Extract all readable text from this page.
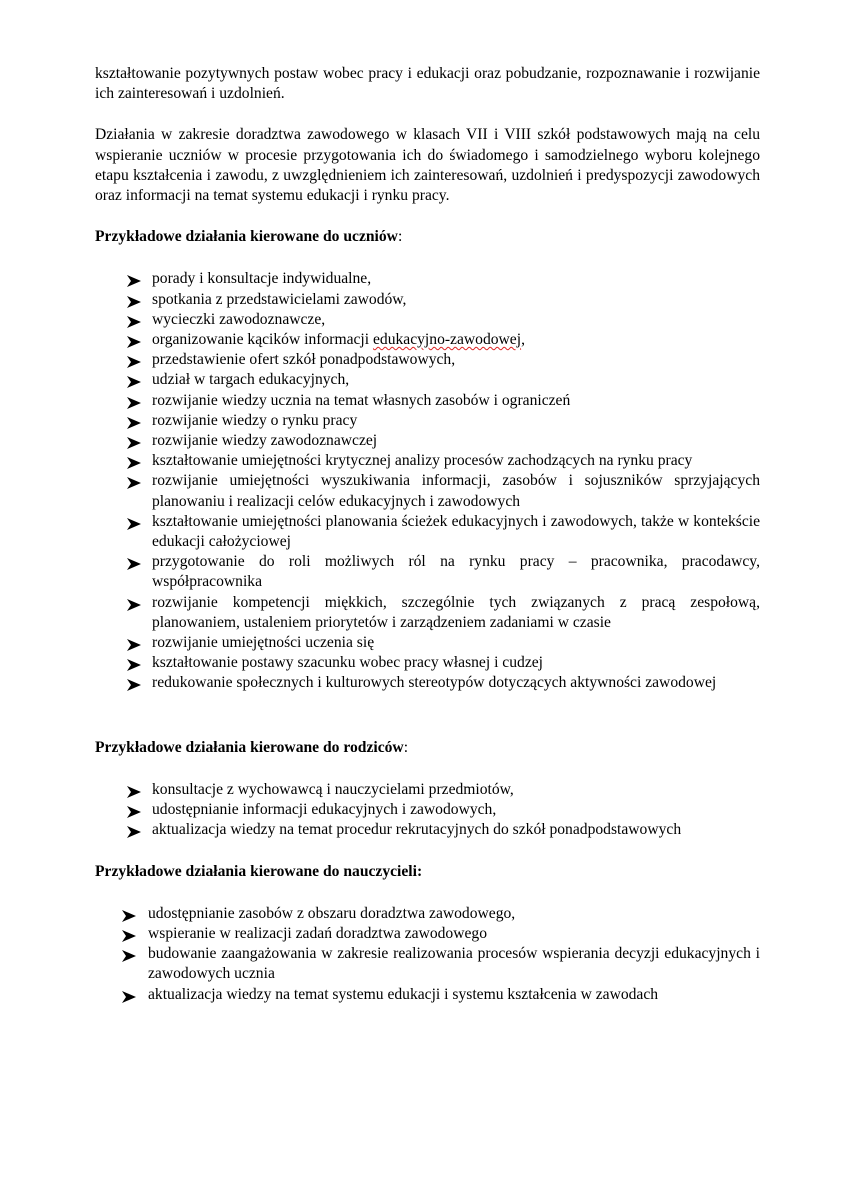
kształtowanie pozytywnych postaw wobec pracy i edukacji oraz pobudzanie, rozpoznawanie i rozwijanie ich zainteresowań i uzdolnień.

Działania w zakresie doradztwa zawodowego w klasach VII i VIII szkół podstawowych mają na celu wspieranie uczniów w procesie przygotowania ich do świadomego i samodzielnego wyboru kolejnego etapu kształcenia i zawodu, z uwzględnieniem ich zainteresowań, uzdolnień i predyspozycji zawodowych oraz informacji na temat systemu edukacji i rynku pracy.

Przykładowe działania kierowane do uczniów:

porady i konsultacje indywidualne,
spotkania z przedstawicielami zawodów,
wycieczki zawodoznawcze,
organizowanie kącików informacji edukacyjno-zawodowej,
przedstawienie ofert szkół ponadpodstawowych,
udział w targach edukacyjnych,
rozwijanie wiedzy ucznia na temat własnych zasobów i ograniczeń
rozwijanie wiedzy o rynku pracy
rozwijanie wiedzy zawodoznawczej
kształtowanie umiejętności krytycznej analizy procesów zachodzących na rynku pracy
rozwijanie umiejętności wyszukiwania informacji, zasobów i sojuszników sprzyjających planowaniu i realizacji celów edukacyjnych i zawodowych
kształtowanie umiejętności planowania ścieżek edukacyjnych i zawodowych, także w kontekście edukacji całożyciowej
przygotowanie do roli możliwych ról na rynku pracy – pracownika, pracodawcy, współpracownika
rozwijanie kompetencji miękkich, szczególnie tych związanych z pracą zespołową, planowaniem, ustaleniem priorytetów i zarządzeniem zadaniami w czasie
rozwijanie umiejętności uczenia się
kształtowanie postawy szacunku wobec pracy własnej i cudzej
redukowanie społecznych i kulturowych stereotypów dotyczących aktywności zawodowej

Przykładowe działania kierowane do rodziców:

konsultacje z wychowawcą i nauczycielami przedmiotów,
udostępnianie informacji edukacyjnych i zawodowych,
aktualizacja wiedzy na temat procedur rekrutacyjnych do szkół ponadpodstawowych

Przykładowe działania kierowane do nauczycieli:

udostępnianie zasobów z obszaru doradztwa zawodowego,
wspieranie w realizacji zadań doradztwa zawodowego
budowanie zaangażowania w zakresie realizowania procesów wspierania decyzji edukacyjnych i zawodowych ucznia
aktualizacja wiedzy na temat systemu edukacji i systemu kształcenia w zawodach
